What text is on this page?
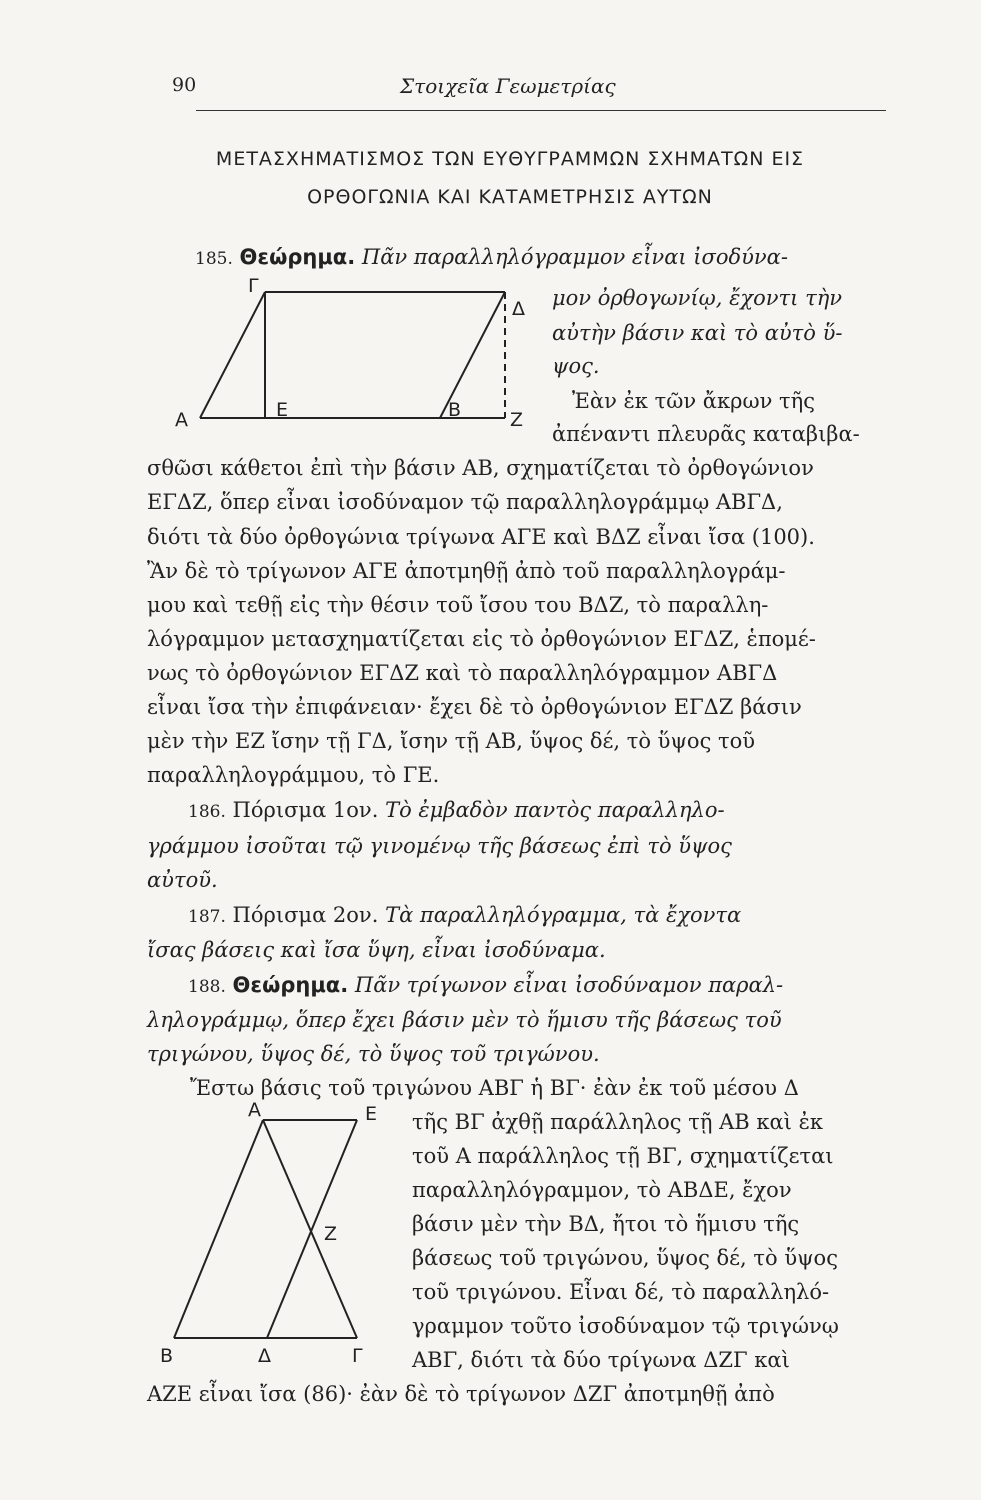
90	Στοιχεῖα Γεωμετρίας
ΜΕΤΑΣΧΗΜΑΤΙΣΜΟΣ ΤΩΝ ΕΥΘΥΓΡΑΜΜΩΝ ΣΧΗΜΑΤΩΝ ΕΙΣ
ΟΡΘΟΓΩΝΙΑ ΚΑΙ ΚΑΤΑΜΕΤΡΗΣΙΣ ΑΥΤΩΝ
Γ
Δ
Α	Ε	Β	Ζ
Α	Ε
Ζ
Β	Δ	Γ
185. Θεώρημα. Πᾶν παραλληλόγραμμον εἶναι ἰσοδύνα-
μον ὀρθογωνίῳ, ἔχοντι τὴν
αὐτὴν βάσιν καὶ τὸ αὐτὸ ὕ-
ψος.
Ἐὰν ἐκ τῶν ἄκρων τῆς
ἀπέναντι πλευρᾶς καταβιβα-
σθῶσι κάθετοι ἐπὶ τὴν βάσιν ΑΒ, σχηματίζεται τὸ ὀρθογώνιον
ΕΓΔΖ, ὅπερ εἶναι ἰσοδύναμον τῷ παραλληλογράμμῳ ΑΒΓΔ,
διότι τὰ δύο ὀρθογώνια τρίγωνα ΑΓΕ καὶ ΒΔΖ εἶναι ἴσα (100).
Ἂν δὲ τὸ τρίγωνον ΑΓΕ ἀποτμηθῇ ἀπὸ τοῦ παραλληλογράμ-
μου καὶ τεθῇ εἰς τὴν θέσιν τοῦ ἴσου του ΒΔΖ, τὸ παραλλη-
λόγραμμον μετασχηματίζεται εἰς τὸ ὀρθογώνιον ΕΓΔΖ, ἑπομέ-
νως τὸ ὀρθογώνιον ΕΓΔΖ καὶ τὸ παραλληλόγραμμον ΑΒΓΔ
εἶναι ἴσα τὴν ἐπιφάνειαν· ἔχει δὲ τὸ ὀρθογώνιον ΕΓΔΖ βάσιν
μὲν τὴν ΕΖ ἴσην τῇ ΓΔ, ἴσην τῇ ΑΒ, ὕψος δέ, τὸ ὕψος τοῦ
παραλληλογράμμου, τὸ ΓΕ.
186. Πόρισμα 1ον. Τὸ ἐμβαδὸν παντὸς παραλληλο-
γράμμου ἰσοῦται τῷ γινομένῳ τῆς βάσεως ἐπὶ τὸ ὕψος
αὐτοῦ.
187. Πόρισμα 2ον. Τὰ παραλληλόγραμμα, τὰ ἔχοντα
ἴσας βάσεις καὶ ἴσα ὕψη, εἶναι ἰσοδύναμα.
188. Θεώρημα. Πᾶν τρίγωνον εἶναι ἰσοδύναμον παραλ-
ληλογράμμῳ, ὅπερ ἔχει βάσιν μὲν τὸ ἥμισυ τῆς βάσεως τοῦ
τριγώνου, ὕψος δέ, τὸ ὕψος τοῦ τριγώνου.
Ἔστω βάσις τοῦ τριγώνου ΑΒΓ ἡ ΒΓ· ἐὰν ἐκ τοῦ μέσου Δ
τῆς ΒΓ ἀχθῇ παράλληλος τῇ ΑΒ καὶ ἐκ
τοῦ Α παράλληλος τῇ ΒΓ, σχηματίζεται
παραλληλόγραμμον, τὸ ΑΒΔΕ, ἔχον
βάσιν μὲν τὴν ΒΔ, ἤτοι τὸ ἥμισυ τῆς
βάσεως τοῦ τριγώνου, ὕψος δέ, τὸ ὕψος
τοῦ τριγώνου. Εἶναι δέ, τὸ παραλληλό-
γραμμον τοῦτο ἰσοδύναμον τῷ τριγώνῳ
ΑΒΓ, διότι τὰ δύο τρίγωνα ΔΖΓ καὶ
ΑΖΕ εἶναι ἴσα (86)· ἐὰν δὲ τὸ τρίγωνον ΔΖΓ ἀποτμηθῇ ἀπὸ
